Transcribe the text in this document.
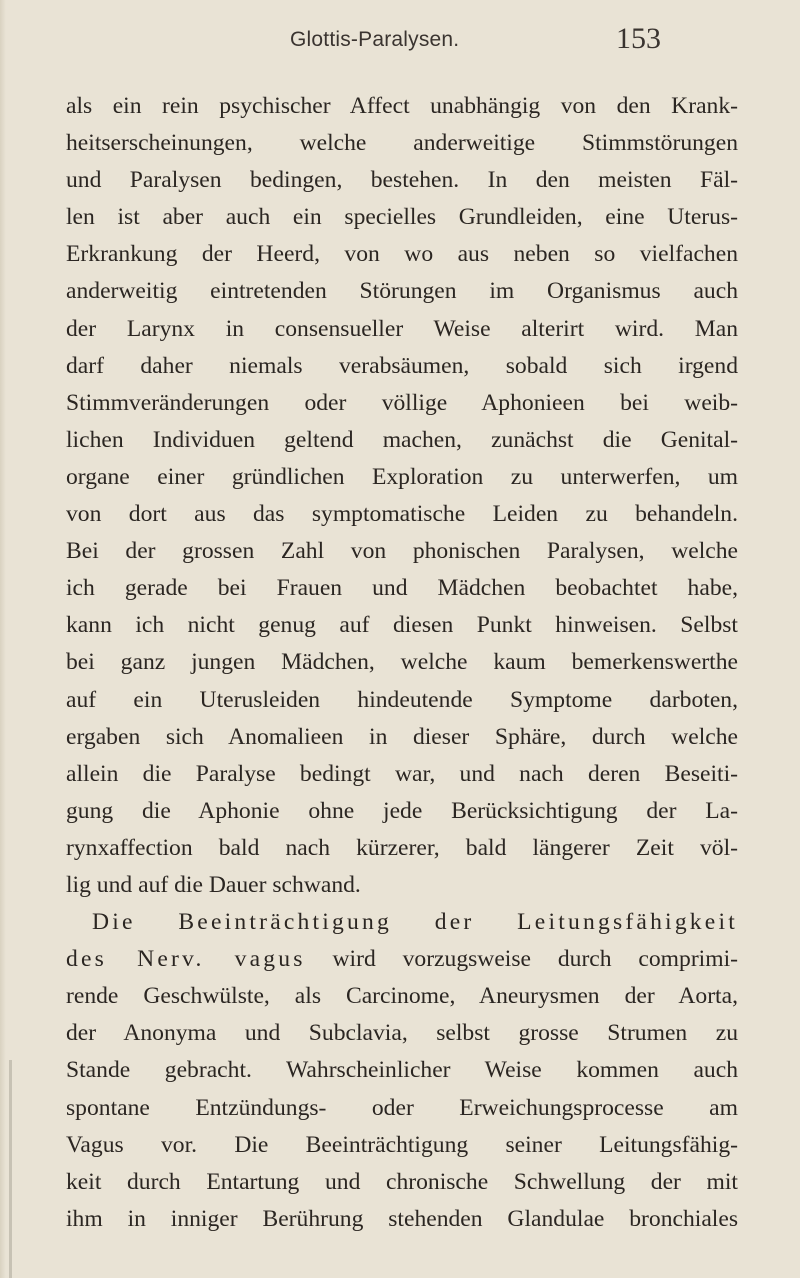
Glottis-Paralysen.	153
als ein rein psychischer Affect unabhängig von den Krank-
heitserscheinungen, welche anderweitige Stimmstörungen
und Paralysen bedingen, bestehen. In den meisten Fäl-
len ist aber auch ein specielles Grundleiden, eine Uterus-
Erkrankung der Heerd, von wo aus neben so vielfachen
anderweitig eintretenden Störungen im Organismus auch
der Larynx in consensueller Weise alterirt wird. Man
darf daher niemals verabsäumen, sobald sich irgend
Stimmveränderungen oder völlige Aphonieen bei weib-
lichen Individuen geltend machen, zunächst die Genital-
organe einer gründlichen Exploration zu unterwerfen, um
von dort aus das symptomatische Leiden zu behandeln.
Bei der grossen Zahl von phonischen Paralysen, welche
ich gerade bei Frauen und Mädchen beobachtet habe,
kann ich nicht genug auf diesen Punkt hinweisen. Selbst
bei ganz jungen Mädchen, welche kaum bemerkenswerthe
auf ein Uterusleiden hindeutende Symptome darboten,
ergaben sich Anomalieen in dieser Sphäre, durch welche
allein die Paralyse bedingt war, und nach deren Beseiti-
gung die Aphonie ohne jede Berücksichtigung der La-
rynxaffection bald nach kürzerer, bald längerer Zeit völ-
lig und auf die Dauer schwand.
Die Beeinträchtigung der Leitungsfähigkeit
des Nerv. vagus wird vorzugsweise durch comprimi-
rende Geschwülste, als Carcinome, Aneurysmen der Aorta,
der Anonyma und Subclavia, selbst grosse Strumen zu
Stande gebracht. Wahrscheinlicher Weise kommen auch
spontane Entzündungs- oder Erweichungsprocesse am
Vagus vor. Die Beeinträchtigung seiner Leitungsfähig-
keit durch Entartung und chronische Schwellung der mit
ihm in inniger Berührung stehenden Glandulae bronchiales
